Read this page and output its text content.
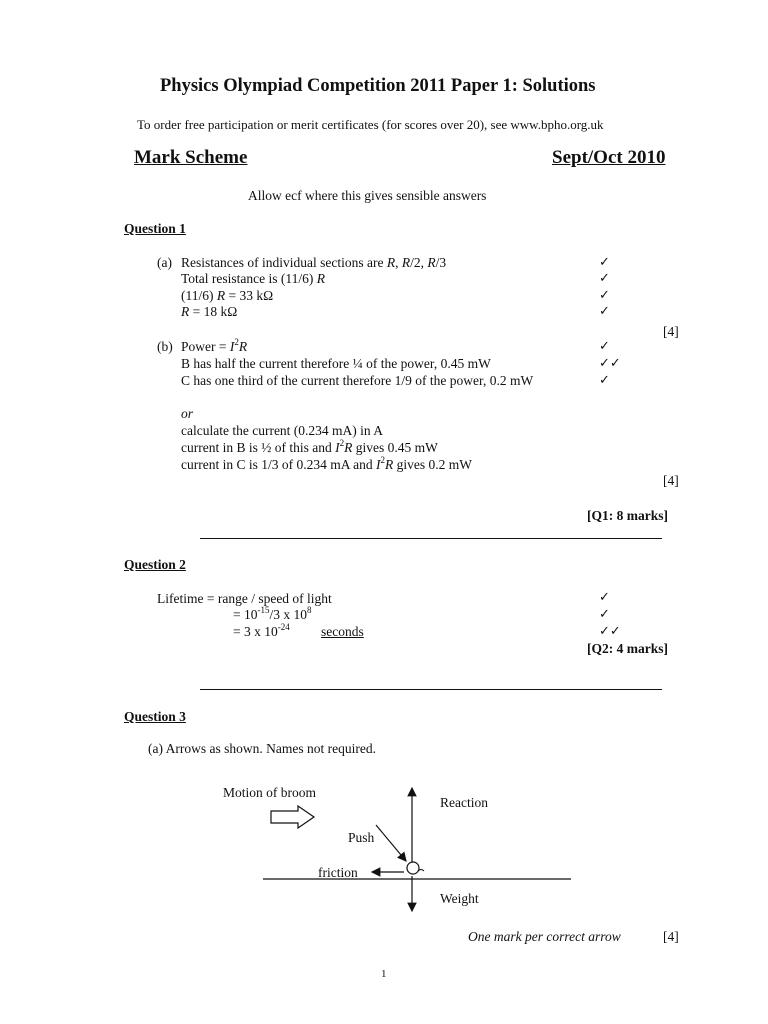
Physics Olympiad Competition 2011 Paper 1: Solutions
To order free participation or merit certificates (for scores over 20), see www.bpho.org.uk
Mark Scheme	Sept/Oct 2010
Allow ecf where this gives sensible answers
Question 1
(a) Resistances of individual sections are R, R/2, R/3
Total resistance is (11/6) R
(11/6) R = 33 kΩ
R = 18 kΩ
✓
✓
✓
✓
[4]
(b) Power = $I^2R$
B has half the current therefore ¼ of the power, 0.45 mW
C has one third of the current therefore 1/9 of the power, 0.2 mW
✓
✓✓
✓
or
calculate the current (0.234 mA) in A
current in B is ½ of this and $I^2R$ gives 0.45 mW
current in C is 1/3 of 0.234 mA and $I^2R$ gives 0.2 mW
[4]
[Q1: 8 marks]
Question 2
Lifetime = range / speed of light
= $10^{-15}/3$ x $10^8$
= 3 x $10^{-24}$ seconds
✓
✓
✓✓
[Q2: 4 marks]
Question 3
(a) Arrows as shown. Names not required.
Motion of broom
Reaction
Push
friction
Weight
One mark per correct arrow	[4]
1
